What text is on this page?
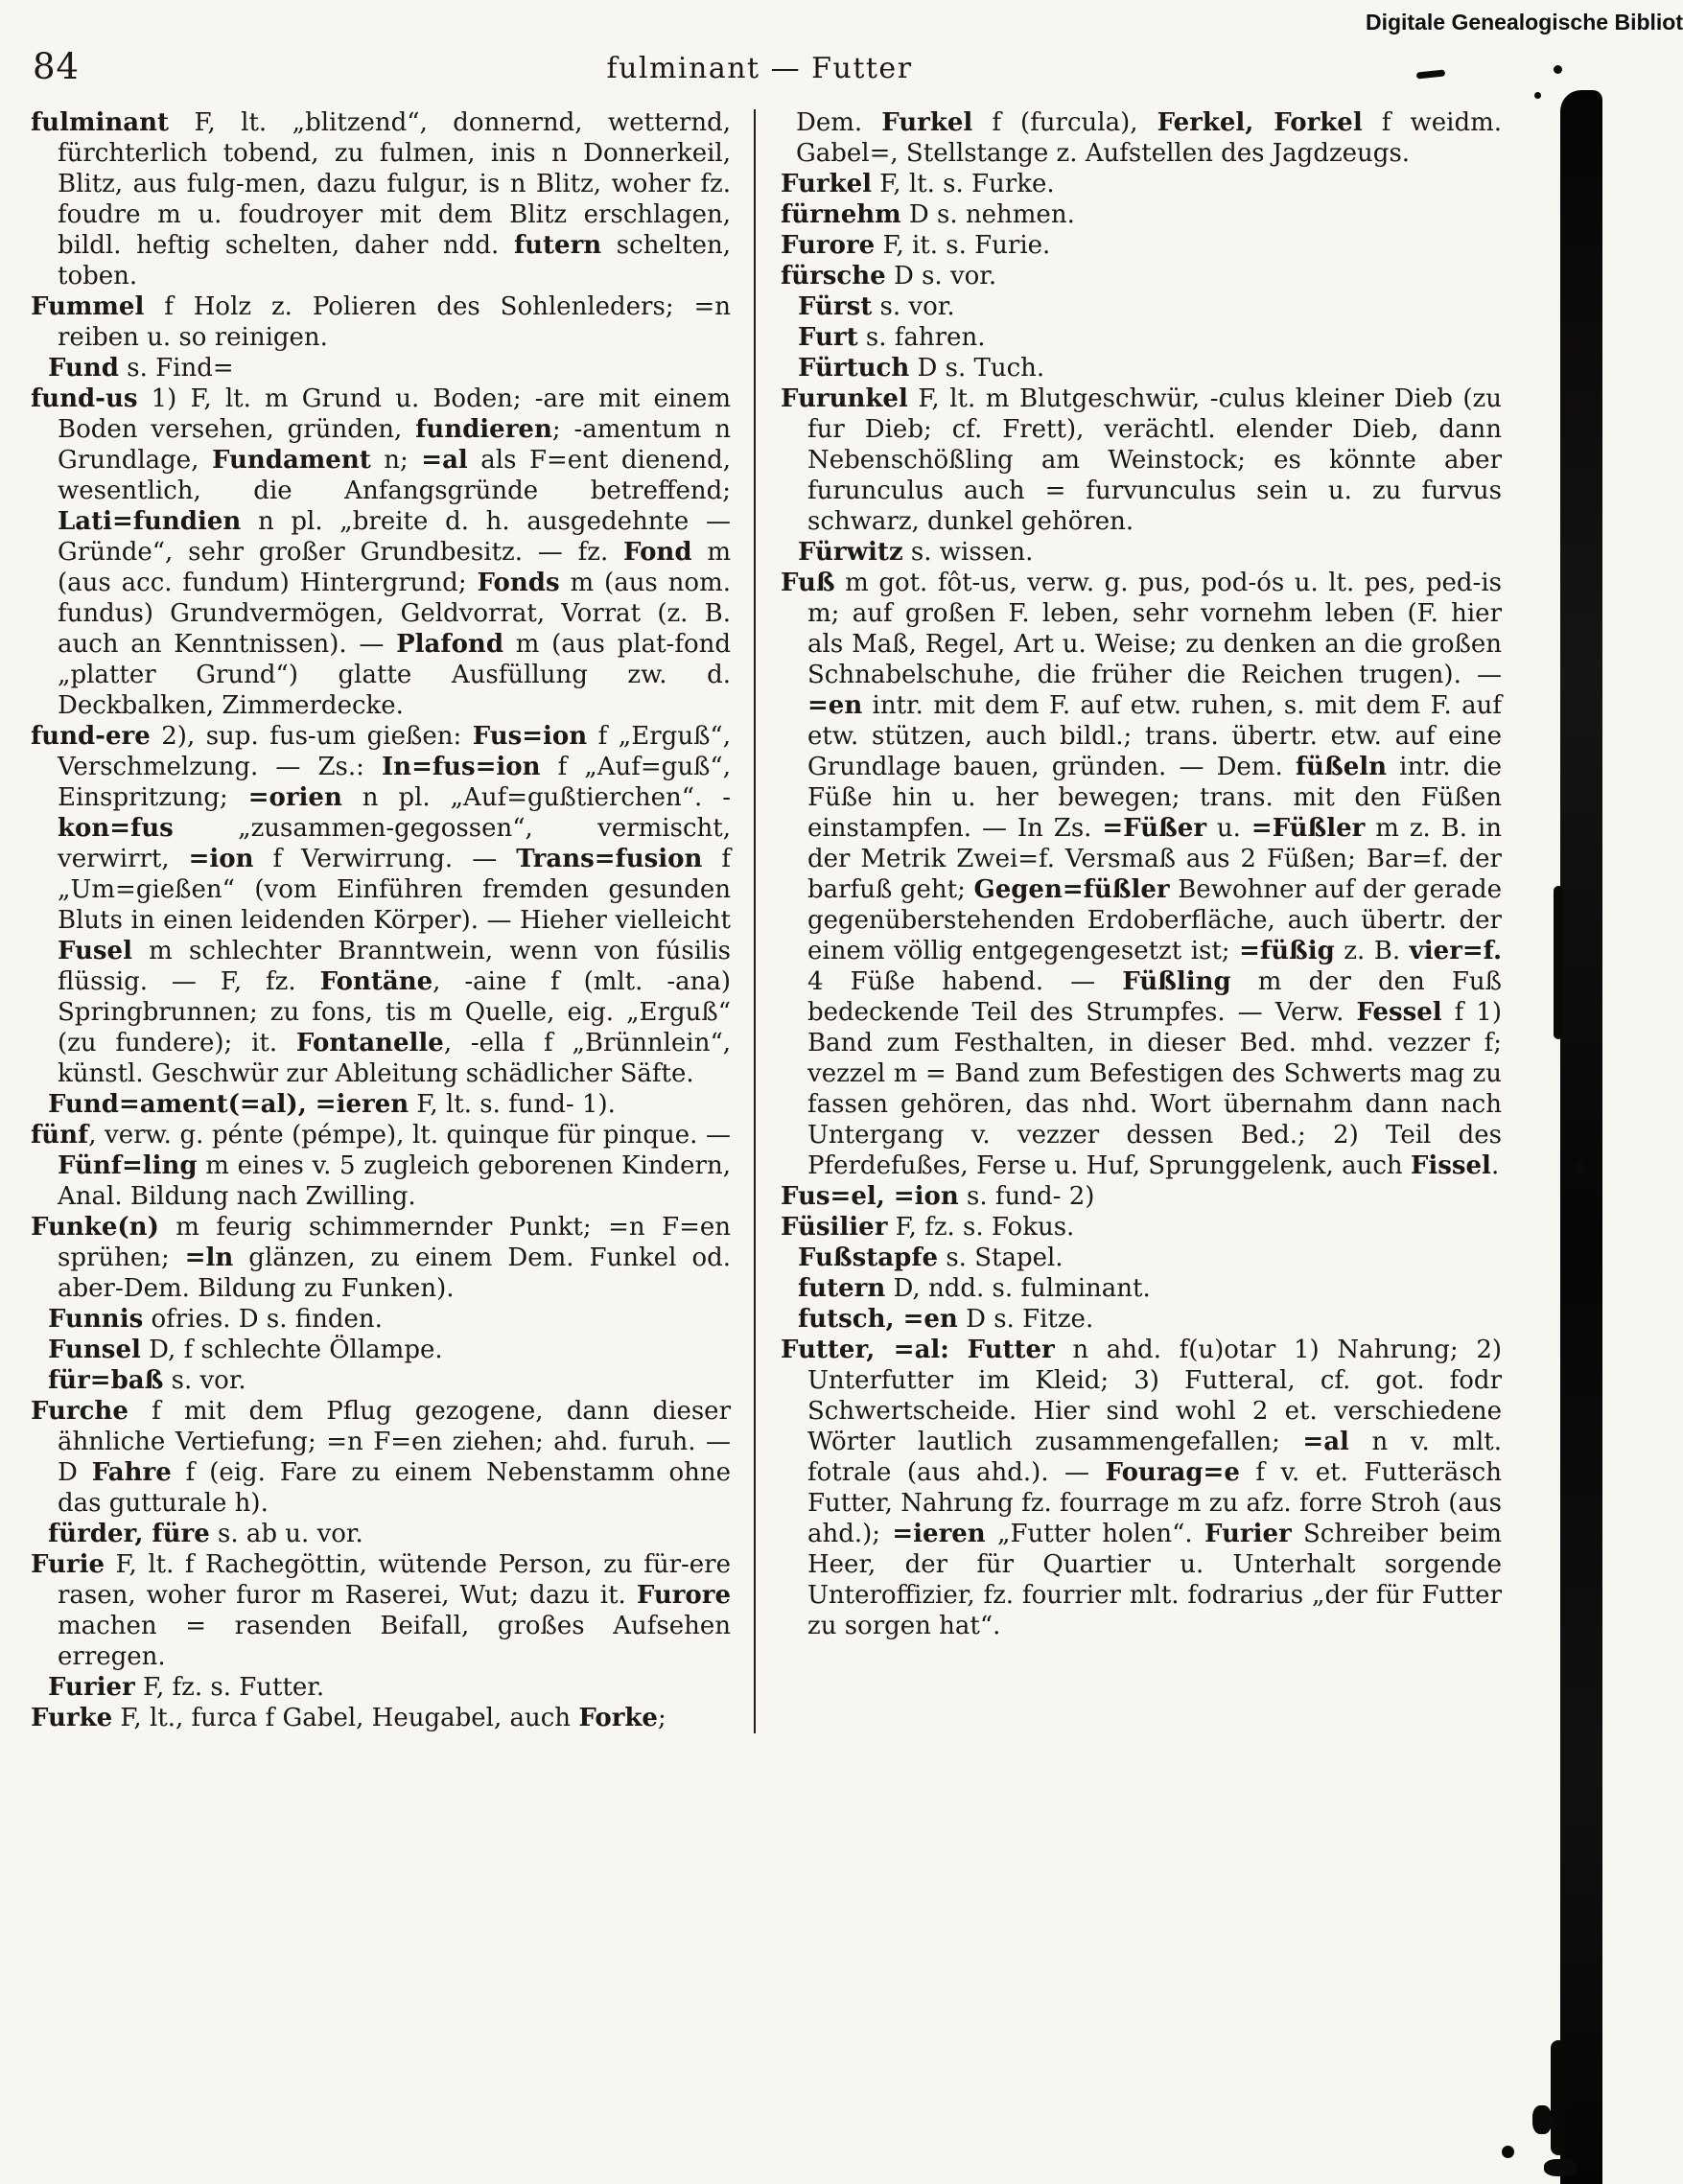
Digitale Genealogische Bibliot
84	fulminant — Futter

fulminant F, lt. „blitzend“, donnernd, wetternd, fürchterlich tobend, zu fulmen, inis n Donnerkeil, Blitz, aus fulg-men, dazu fulgur, is n Blitz, woher fz. foudre m u. foudroyer mit dem Blitz erschlagen, bildl. heftig schelten, daher ndd. futern schelten, toben.

Fummel f Holz z. Polieren des Sohlenleders; =n reiben u. so reinigen.

Fund s. Find=

fund-us 1) F, lt. m Grund u. Boden; -are mit einem Boden versehen, gründen, fundieren; -amentum n Grundlage, Fundament n; =al als F=ent dienend, wesentlich, die Anfangsgründe betreffend; Lati=fundien n pl. „breite d. h. ausgedehnte — Gründe“, sehr großer Grundbesitz. — fz. Fond m (aus acc. fundum) Hintergrund; Fonds m (aus nom. fundus) Grundvermögen, Geldvorrat, Vorrat (z. B. auch an Kenntnissen). — Plafond m (aus plat-fond „platter Grund“) glatte Ausfüllung zw. d. Deckbalken, Zimmerdecke.

fund-ere 2), sup. fus-um gießen: Fus=ion f „Erguß“, Verschmelzung. — Zs.: In=fus=ion f „Auf=guß“, Einspritzung; =orien n pl. „Auf=gußtierchen“. - kon=fus „zusammen-gegossen“, vermischt, verwirrt, =ion f Verwirrung. — Trans=fusion f „Um=gießen“ (vom Einführen fremden gesunden Bluts in einen leidenden Körper). — Hieher vielleicht Fusel m schlechter Branntwein, wenn von fúsilis flüssig. — F, fz. Fontäne, -aine f (mlt. -ana) Springbrunnen; zu fons, tis m Quelle, eig. „Erguß“ (zu fundere); it. Fontanelle, -ella f „Brünnlein“, künstl. Geschwür zur Ableitung schädlicher Säfte.

Fund=ament(=al), =ieren F, lt. s. fund- 1).

fünf, verw. g. pénte (pémpe), lt. quinque für pinque. — Fünf=ling m eines v. 5 zugleich geborenen Kindern, Anal. Bildung nach Zwilling.

Funke(n) m feurig schimmernder Punkt; =n F=en sprühen; =ln glänzen, zu einem Dem. Funkel od. aber-Dem. Bildung zu Funken).

Funnis ofries. D s. finden.

Funsel D, f schlechte Öllampe.

für=baß s. vor.

Furche f mit dem Pflug gezogene, dann dieser ähnliche Vertiefung; =n F=en ziehen; ahd. furuh. — D Fahre f (eig. Fare zu einem Nebenstamm ohne das gutturale h).

fürder, füre s. ab u. vor.

Furie F, lt. f Rachegöttin, wütende Person, zu für-ere rasen, woher furor m Raserei, Wut; dazu it. Furore machen = rasenden Beifall, großes Aufsehen erregen.

Furier F, fz. s. Futter.

Furke F, lt., furca f Gabel, Heugabel, auch Forke;

Dem. Furkel f (furcula), Ferkel, Forkel f weidm. Gabel=, Stellstange z. Aufstellen des Jagdzeugs.

Furkel F, lt. s. Furke.

fürnehm D s. nehmen.

Furore F, it. s. Furie.

fürsche D s. vor.

Fürst s. vor.

Furt s. fahren.

Fürtuch D s. Tuch.

Furunkel F, lt. m Blutgeschwür, -culus kleiner Dieb (zu fur Dieb; cf. Frett), verächtl. elender Dieb, dann Nebenschößling am Weinstock; es könnte aber furunculus auch = furvunculus sein u. zu furvus schwarz, dunkel gehören.

Fürwitz s. wissen.

Fuß m got. fôt-us, verw. g. pus, pod-ós u. lt. pes, ped-is m; auf großen F. leben, sehr vornehm leben (F. hier als Maß, Regel, Art u. Weise; zu denken an die großen Schnabelschuhe, die früher die Reichen trugen). — =en intr. mit dem F. auf etw. ruhen, s. mit dem F. auf etw. stützen, auch bildl.; trans. übertr. etw. auf eine Grundlage bauen, gründen. — Dem. füßeln intr. die Füße hin u. her bewegen; trans. mit den Füßen einstampfen. — In Zs. =Füßer u. =Füßler m z. B. in der Metrik Zwei=f. Versmaß aus 2 Füßen; Bar=f. der barfuß geht; Gegen=füßler Bewohner auf der gerade gegenüberstehenden Erdoberfläche, auch übertr. der einem völlig entgegengesetzt ist; =füßig z. B. vier=f. 4 Füße habend. — Füßling m der den Fuß bedeckende Teil des Strumpfes. — Verw. Fessel f 1) Band zum Festhalten, in dieser Bed. mhd. vezzer f; vezzel m = Band zum Befestigen des Schwerts mag zu fassen gehören, das nhd. Wort übernahm dann nach Untergang v. vezzer dessen Bed.; 2) Teil des Pferdefußes, Ferse u. Huf, Sprunggelenk, auch Fissel.

Fus=el, =ion s. fund- 2)

Füsilier F, fz. s. Fokus.

Fußstapfe s. Stapel.

futern D, ndd. s. fulminant.

futsch, =en D s. Fitze.

Futter, =al: Futter n ahd. f(u)otar 1) Nahrung; 2) Unterfutter im Kleid; 3) Futteral, cf. got. fodr Schwertscheide. Hier sind wohl 2 et. verschiedene Wörter lautlich zusammengefallen; =al n v. mlt. fotrale (aus ahd.). — Fourag=e f v. et. Futteräsch Futter, Nahrung fz. fourrage m zu afz. forre Stroh (aus ahd.); =ieren „Futter holen“. Furier Schreiber beim Heer, der für Quartier u. Unterhalt sorgende Unteroffizier, fz. fourrier mlt. fodrarius „der für Futter zu sorgen hat“.
